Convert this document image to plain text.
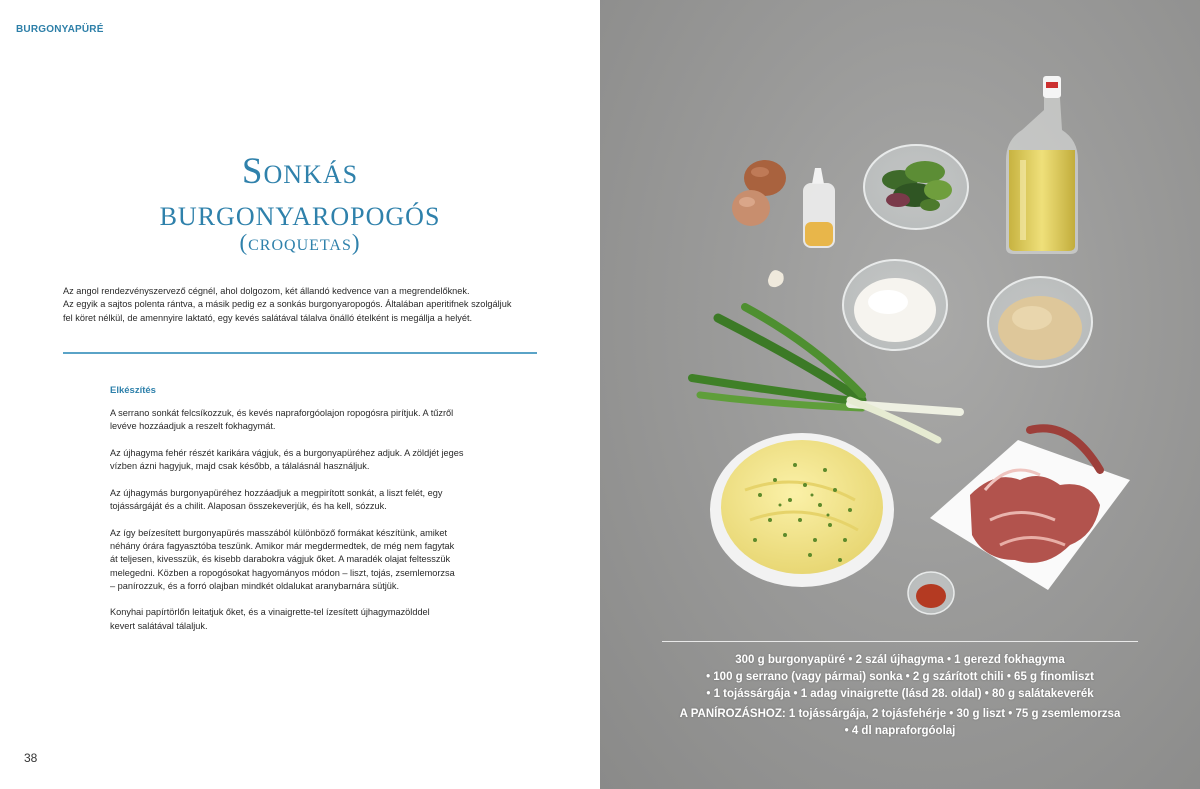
BURGONYAPÜRÉ
Sonkás
burgonyaropogós
(croquetas)
Az angol rendezvényszervező cégnél, ahol dolgozom, két állandó kedvence van a megrendelőknek.
Az egyik a sajtos polenta rántva, a másik pedig ez a sonkás burgonyaropogós. Általában aperitifnek szolgáljuk
fel köret nélkül, de amennyire laktató, egy kevés salátával tálalva önálló ételként is megállja a helyét.
Elkészítés

A serrano sonkát felcsíkozzuk, és kevés napraforgóolajon ropogósra pirítjuk. A tűzről
levéve hozzáadjuk a reszelt fokhagymát.

Az újhagyma fehér részét karikára vágjuk, és a burgonyapüréhez adjuk. A zöldjét jeges
vízben ázni hagyjuk, majd csak később, a tálalásnál használjuk.

Az újhagymás burgonyapüréhez hozzáadjuk a megpirított sonkát, a liszt felét, egy
tojássárgáját és a chilit. Alaposan összekeverjük, és ha kell, sózzuk.

Az így beízesített burgonyapürés masszából különböző formákat készítünk, amiket
néhány órára fagyasztóba teszünk. Amikor már megdermedtek, de még nem fagytak
át teljesen, kivesszük, és kisebb darabokra vágjuk őket. A maradék olajat feltesszük
melegedni. Közben a ropogósokat hagyományos módon – liszt, tojás, zsemlemorzsa
– panírozzuk, és a forró olajban mindkét oldalukat aranybarnára sütjük.

Konyhai papírtörlőn leitatjuk őket, és a vinaigrette-tel ízesített újhagymazölddel
kevert salátával tálaljuk.

38
300 g burgonyapüré • 2 szál újhagyma • 1 gerezd fokhagyma
• 100 g serrano (vagy pármai) sonka • 2 g szárított chili • 65 g finomliszt
• 1 tojássárgája • 1 adag vinaigrette (lásd 28. oldal) • 80 g salátakeverék
A PANÍROZÁSHOZ: 1 tojássárgája, 2 tojásfehérje • 30 g liszt • 75 g zsemlemorzsa
• 4 dl napraforgóolaj
